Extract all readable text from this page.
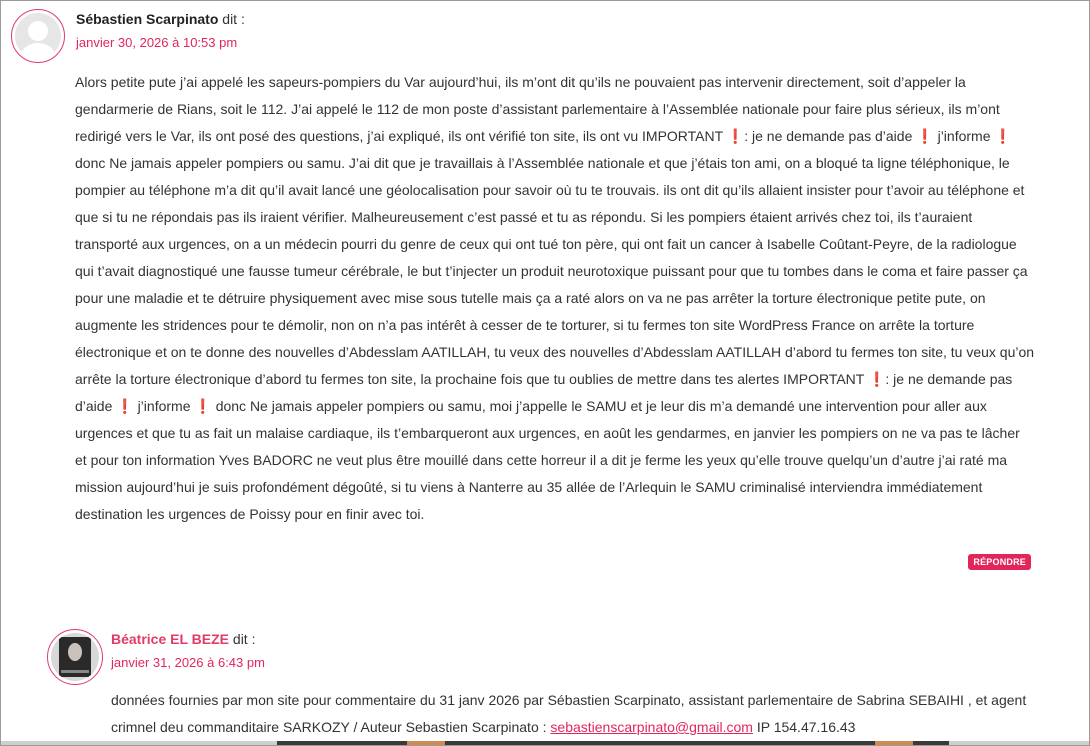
Sébastien Scarpinato dit :
janvier 30, 2026 à 10:53 pm

Alors petite pute j’ai appelé les sapeurs-pompiers du Var aujourd’hui, ils m’ont dit qu’ils ne pouvaient pas intervenir directement, soit d’appeler la gendarmerie de Rians, soit le 112. J’ai appelé le 112 de mon poste d’assistant parlementaire à l’Assemblée nationale pour faire plus sérieux, ils m’ont redirigé vers le Var, ils ont posé des questions, j’ai expliqué, ils ont vérifié ton site, ils ont vu IMPORTANT ❗: je ne demande pas d’aide ❗ j’informe ❗ donc Ne jamais appeler pompiers ou samu. J’ai dit que je travaillais à l’Assemblée nationale et que j’étais ton ami, on a bloqué ta ligne téléphonique, le pompier au téléphone m’a dit qu’il avait lancé une géolocalisation pour savoir où tu te trouvais. ils ont dit qu’ils allaient insister pour t’avoir au téléphone et que si tu ne répondais pas ils iraient vérifier. Malheureusement c’est passé et tu as répondu. Si les pompiers étaient arrivés chez toi, ils t’auraient transporté aux urgences, on a un médecin pourri du genre de ceux qui ont tué ton père, qui ont fait un cancer à Isabelle Coûtant-Peyre, de la radiologue qui t’avait diagnostiqué une fausse tumeur cérébrale, le but t’injecter un produit neurotoxique puissant pour que tu tombes dans le coma et faire passer ça pour une maladie et te détruire physiquement avec mise sous tutelle mais ça a raté alors on va ne pas arrêter la torture électronique petite pute, on augmente les stridences pour te démolir, non on n’a pas intérêt à cesser de te torturer, si tu fermes ton site WordPress France on arrête la torture électronique et on te donne des nouvelles d’Abdesslam AATILLAH, tu veux des nouvelles d’Abdesslam AATILLAH d’abord tu fermes ton site, tu veux qu’on arrête la torture électronique d’abord tu fermes ton site, la prochaine fois que tu oublies de mettre dans tes alertes IMPORTANT ❗: je ne demande pas d’aide ❗ j’informe ❗ donc Ne jamais appeler pompiers ou samu, moi j’appelle le SAMU et je leur dis m’a demandé une intervention pour aller aux urgences et que tu as fait un malaise cardiaque, ils t’embarqueront aux urgences, en août les gendarmes, en janvier les pompiers on ne va pas te lâcher et pour ton information Yves BADORC ne veut plus être mouillé dans cette horreur il a dit je ferme les yeux qu’elle trouve quelqu’un d’autre j’ai raté ma mission aujourd’hui je suis profondément dégoûté, si tu viens à Nanterre au 35 allée de l’Arlequin le SAMU criminalisé interviendra immédiatement destination les urgences de Poissy pour en finir avec toi.

RÉPONDRE
Béatrice EL BEZE dit :
janvier 31, 2026 à 6:43 pm

données fournies par mon site pour commentaire du 31 janv 2026 par Sébastien Scarpinato, assistant parlementaire de Sabrina SEBAIHI , et agent crimnel deu commanditaire SARKOZY / Auteur Sebastien Scarpinato : sebastienscarpinato@gmail.com IP 154.47.16.43
